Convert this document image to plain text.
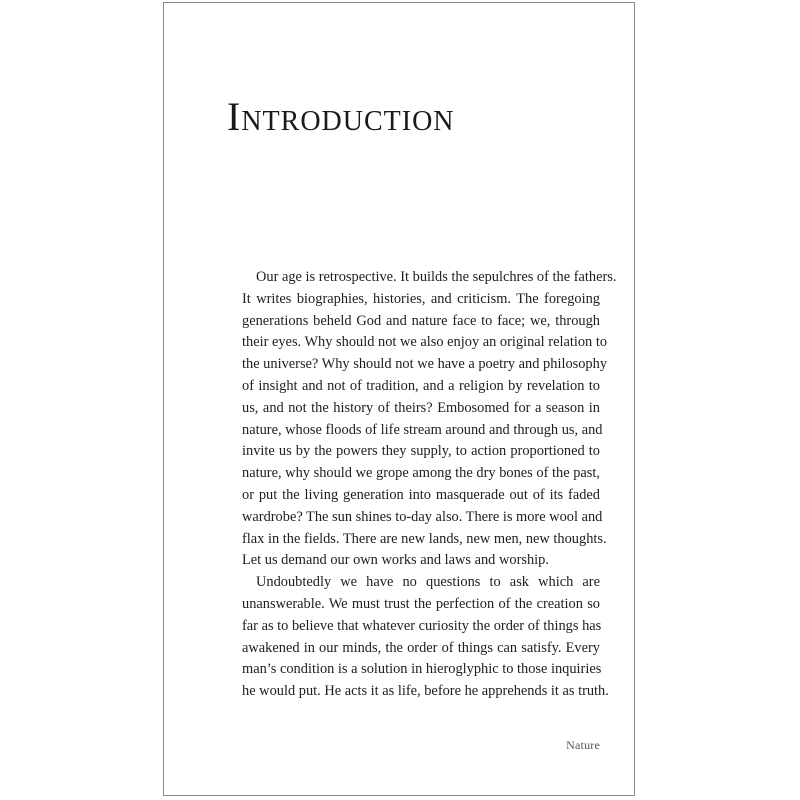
Introduction
Our age is retrospective. It builds the sepulchres of the fathers.
It writes biographies, histories, and criticism. The foregoing
generations beheld God and nature face to face; we, through
their eyes. Why should not we also enjoy an original relation to
the universe? Why should not we have a poetry and philosophy
of insight and not of tradition, and a religion by revelation to
us, and not the history of theirs? Embosomed for a season in
nature, whose floods of life stream around and through us, and
invite us by the powers they supply, to action proportioned to
nature, why should we grope among the dry bones of the past,
or put the living generation into masquerade out of its faded
wardrobe? The sun shines to-day also. There is more wool and
flax in the fields. There are new lands, new men, new thoughts.
Let us demand our own works and laws and worship.
Undoubtedly we have no questions to ask which are
unanswerable. We must trust the perfection of the creation so
far as to believe that whatever curiosity the order of things has
awakened in our minds, the order of things can satisfy. Every
man’s condition is a solution in hieroglyphic to those inquiries
he would put. He acts it as life, before he apprehends it as truth.
Nature
